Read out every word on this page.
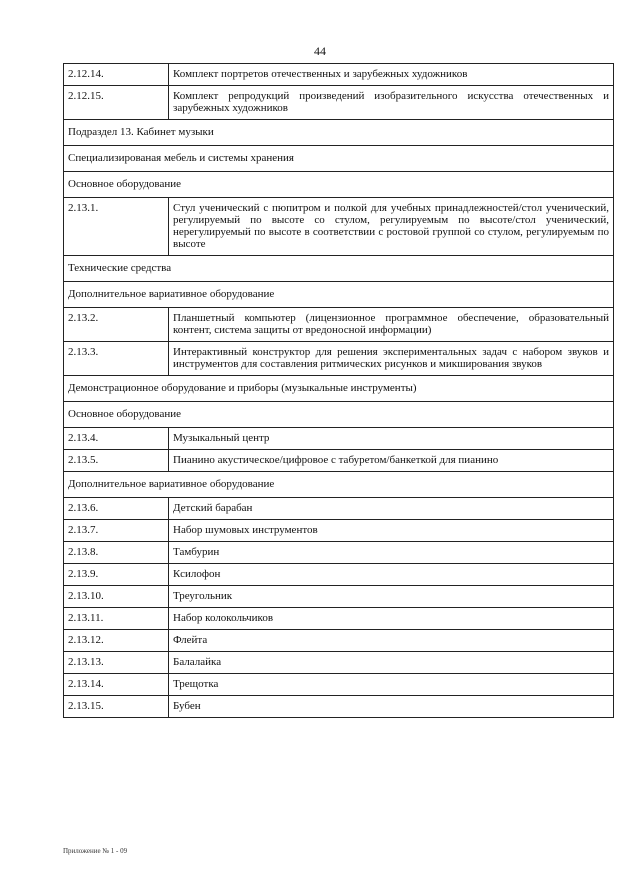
44
2.12.14.	Комплект портретов отечественных и зарубежных художников
2.12.15.	Комплект репродукций произведений изобразительного искусства отечественных и зарубежных художников
Подраздел 13. Кабинет музыки	
Специализированая мебель и системы хранения	
Основное оборудование	
2.13.1.	Стул ученический с пюпитром и полкой для учебных принадлежностей/стол ученический, регулируемый по высоте со стулом, регулируемым по высоте/стол ученический, нерегулируемый по высоте в соответствии с ростовой группой со стулом, регулируемым по высоте
Технические средства	
Дополнительное вариативное оборудование	
2.13.2.	Планшетный компьютер (лицензионное программное обеспечение, образовательный контент, система защиты от вредоносной информации)
2.13.3.	Интерактивный конструктор для решения экспериментальных задач с набором звуков и инструментов для составления ритмических рисунков и микширования звуков
Демонстрационное оборудование и приборы (музыкальные инструменты)	
Основное оборудование	
2.13.4.	Музыкальный центр
2.13.5.	Пианино акустическое/цифровое с табуретом/банкеткой для пианино
Дополнительное вариативное оборудование	
2.13.6.	Детский барабан
2.13.7.	Набор шумовых инструментов
2.13.8.	Тамбурин
2.13.9.	Ксилофон
2.13.10.	Треугольник
2.13.11.	Набор колокольчиков
2.13.12.	Флейта
2.13.13.	Балалайка
2.13.14.	Трещотка
2.13.15.	Бубен
Приложение № 1 - 09
